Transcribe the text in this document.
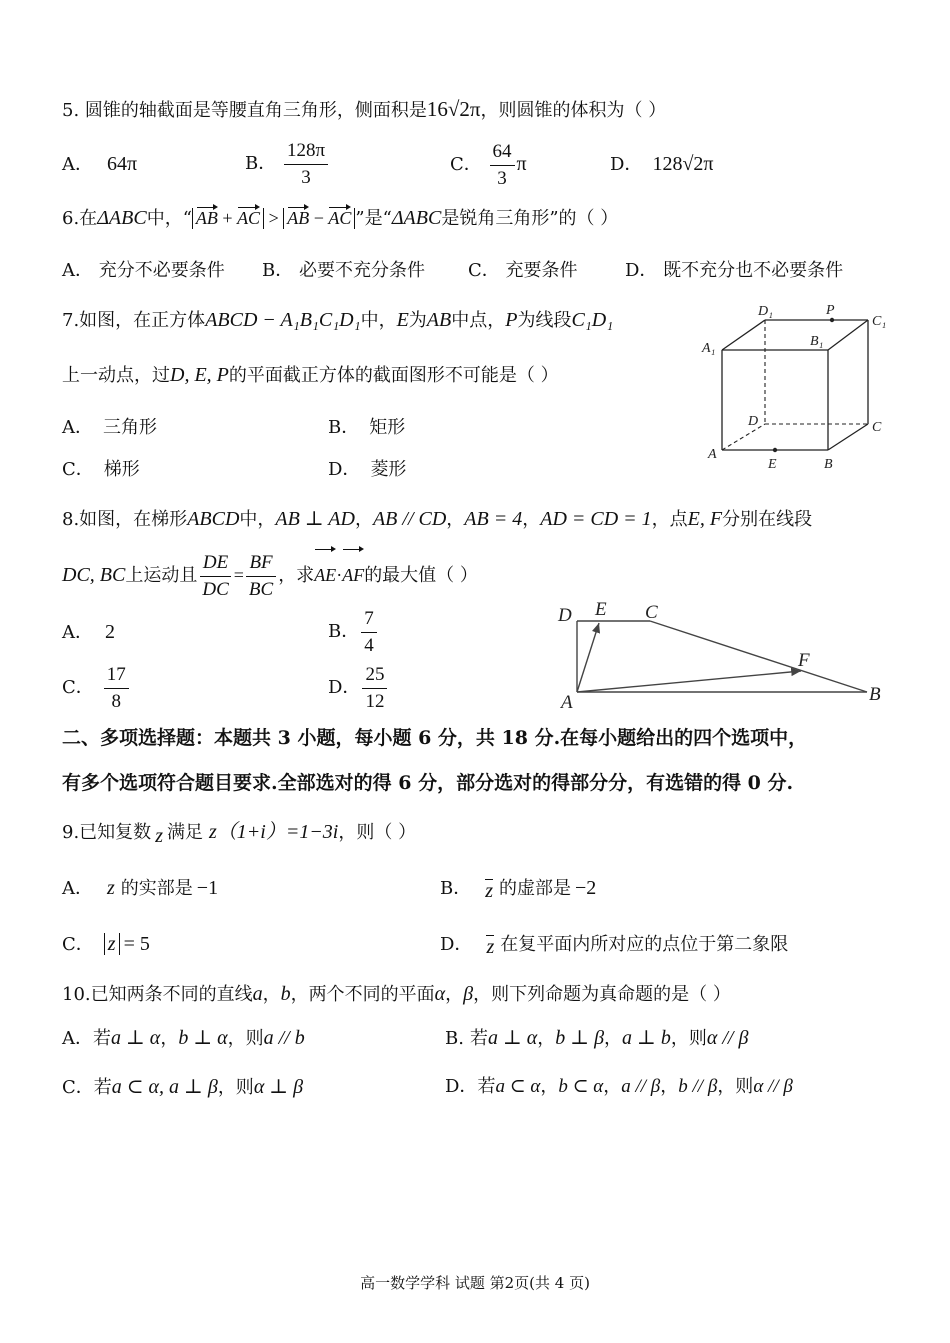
5. 圆锥的轴截面是等腰直角三角形，侧面积是16√2π，则圆锥的体积为（ ）
A． 64π	B． $\frac{128\pi}{3}$	C． $\frac{64}{3}$ π	D． 128√2π
6.在ΔABC中，“ AB + AC > AB − AC ”是“ΔABC是锐角三角形”的（ ）
A． 充分不必要条件 B． 必要不充分条件 C． 充要条件	D． 既不充分也不必要条件
7.如图，在正方体ABCD − A₁B₁C₁D₁中，E为AB中点，P为线段C₁D₁
上一动点，过D, E, P的平面截正方体的截面图形不可能是（ ）
A． 三角形	B． 矩形
C． 梯形	D． 菱形
D₁	P
C₁
A₁	B₁
D	C
A
E	B
8.如图，在梯形ABCD中，AB ⊥ AD，AB // CD，AB = 4，AD = CD = 1，点E, F分别在线段
DC, BC上运动且 $\frac{DE}{DC} = \frac{BF}{BC}$ ，求AE·AF的最大值（ ）
A． 2	B． $\frac{7}{4}$
C． $\frac{17}{8}$	D． $\frac{25}{12}$
D E C
F
A	B
二、多项选择题：本题共 3 小题，每小题 6 分，共 18 分.在每小题给出的四个选项中，
有多个选项符合题目要求.全部选对的得 6 分，部分选对的得部分分，有选错的得 0 分.
9.已知复数 z 满足 z（1+i）=1−3i，则（ ）
A． z 的实部是 −1	B． z 的虚部是 −2
C． z = 5	D． z 在复平面内所对应的点位于第二象限
10.已知两条不同的直线a，b，两个不同的平面α，β，则下列命题为真命题的是（ ）
A．若a ⊥ α，b ⊥ α，则a // b	B. 若a ⊥ α，b ⊥ β，a ⊥ b，则α // β
C．若a ⊂ α, a ⊥ β，则α ⊥ β	D．若a ⊂ α，b ⊂ α，a // β，b // β，则α // β
高一数学学科 试题 第2页(共 4 页)
